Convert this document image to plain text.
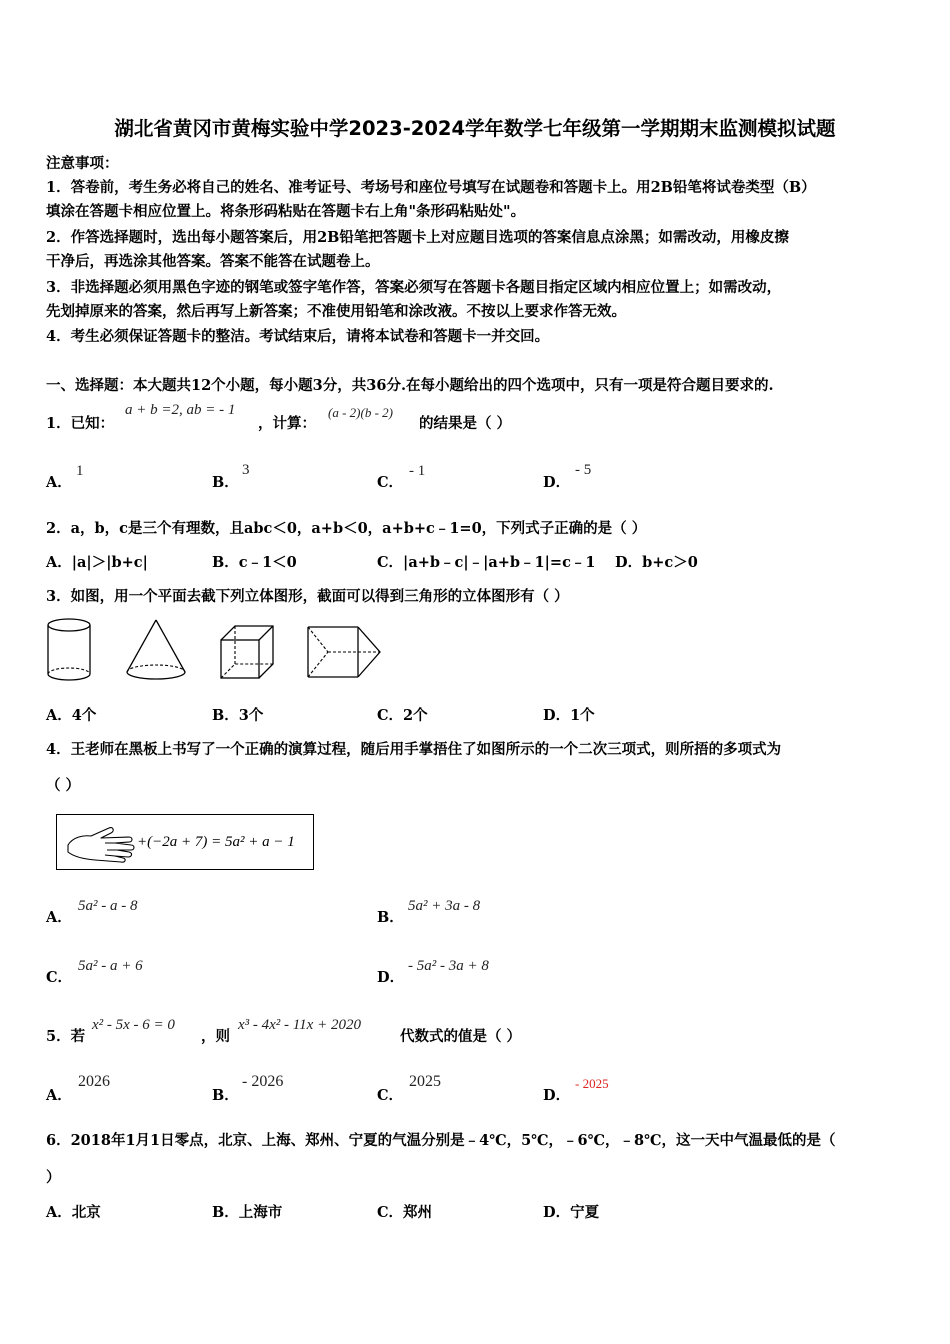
湖北省黄冈市黄梅实验中学2023-2024学年数学七年级第一学期期末监测模拟试题
注意事项：
1．答卷前，考生务必将自己的姓名、准考证号、考场号和座位号填写在试题卷和答题卡上。用2B铅笔将试卷类型（B）
填涂在答题卡相应位置上。将条形码粘贴在答题卡右上角"条形码粘贴处"。
2．作答选择题时，选出每小题答案后，用2B铅笔把答题卡上对应题目选项的答案信息点涂黑；如需改动，用橡皮擦
干净后，再选涂其他答案。答案不能答在试题卷上。
3．非选择题必须用黑色字迹的钢笔或签字笔作答，答案必须写在答题卡各题目指定区域内相应位置上；如需改动，
先划掉原来的答案，然后再写上新答案；不准使用铅笔和涂改液。不按以上要求作答无效。
4．考生必须保证答题卡的整洁。考试结束后，请将本试卷和答题卡一并交回。
一、选择题：本大题共12个小题，每小题3分，共36分.在每小题给出的四个选项中，只有一项是符合题目要求的.
1．已知：
a + b =2, ab = - 1
，计算：
(a - 2)(b - 2)
的结果是（ ）
A．
1
B．
3
C．
- 1
D．
- 5
2．a，b，c是三个有理数，且abc＜0，a+b＜0，a+b+c﹣1=0，下列式子正确的是（ ）
A．|a|＞|b+c|	B．c﹣1＜0	C．|a+b﹣c|﹣|a+b﹣1|=c﹣1 D．b+c＞0
3．如图，用一个平面去截下列立体图形，截面可以得到三角形的立体图形有（ ）
A．4个	B．3个	C．2个	D．1个
4．王老师在黑板上书写了一个正确的演算过程，随后用手掌捂住了如图所示的一个二次三项式，则所捂的多项式为
（ ）
+(−2a + 7) = 5a² + a − 1
A．
5a² - a - 8
B．
5a² + 3a - 8
C．
5a² - a + 6
D．
- 5a² - 3a + 8
5．若
x² - 5x - 6 = 0
，则
x³ - 4x² - 11x + 2020
代数式的值是（ ）
A．
2026
B．
- 2026
C．
2025
D．
- 2025
6．2018年1月1日零点，北京、上海、郑州、宁夏的气温分别是﹣4℃，5℃，﹣6℃，﹣8℃，这一天中气温最低的是（
）
A．北京	B．上海市	C．郑州	D．宁夏
